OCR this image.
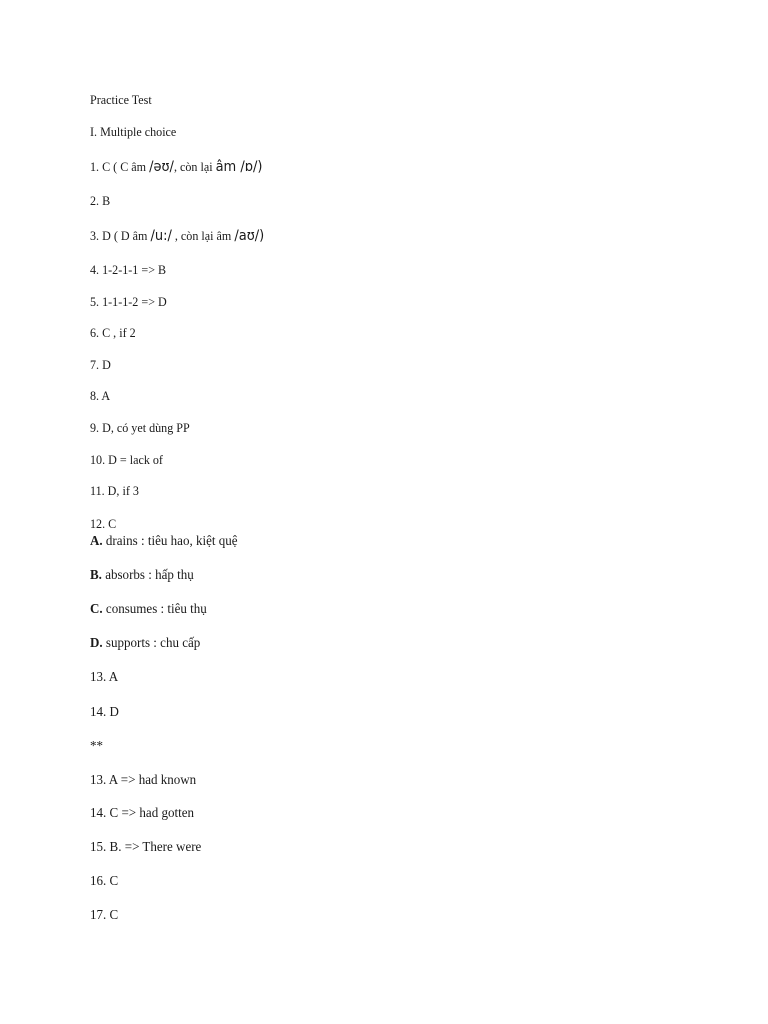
Practice Test
I. Multiple choice
1. C ( C âm /əʊ/, còn lại âm /ɒ/)
2. B
3. D ( D âm /u:/ , còn lại âm /aʊ/)
4. 1-2-1-1 => B
5. 1-1-1-2 => D
6. C , if 2
7. D
8. A
9. D, có yet dùng PP
10. D = lack of
11. D, if 3
12. C
A. drains : tiêu hao, kiệt quệ
B. absorbs : hấp thụ
C. consumes : tiêu thụ
D. supports : chu cấp
13. A
14. D
**
13. A => had known
14. C => had gotten
15. B. => There were
16. C
17. C
